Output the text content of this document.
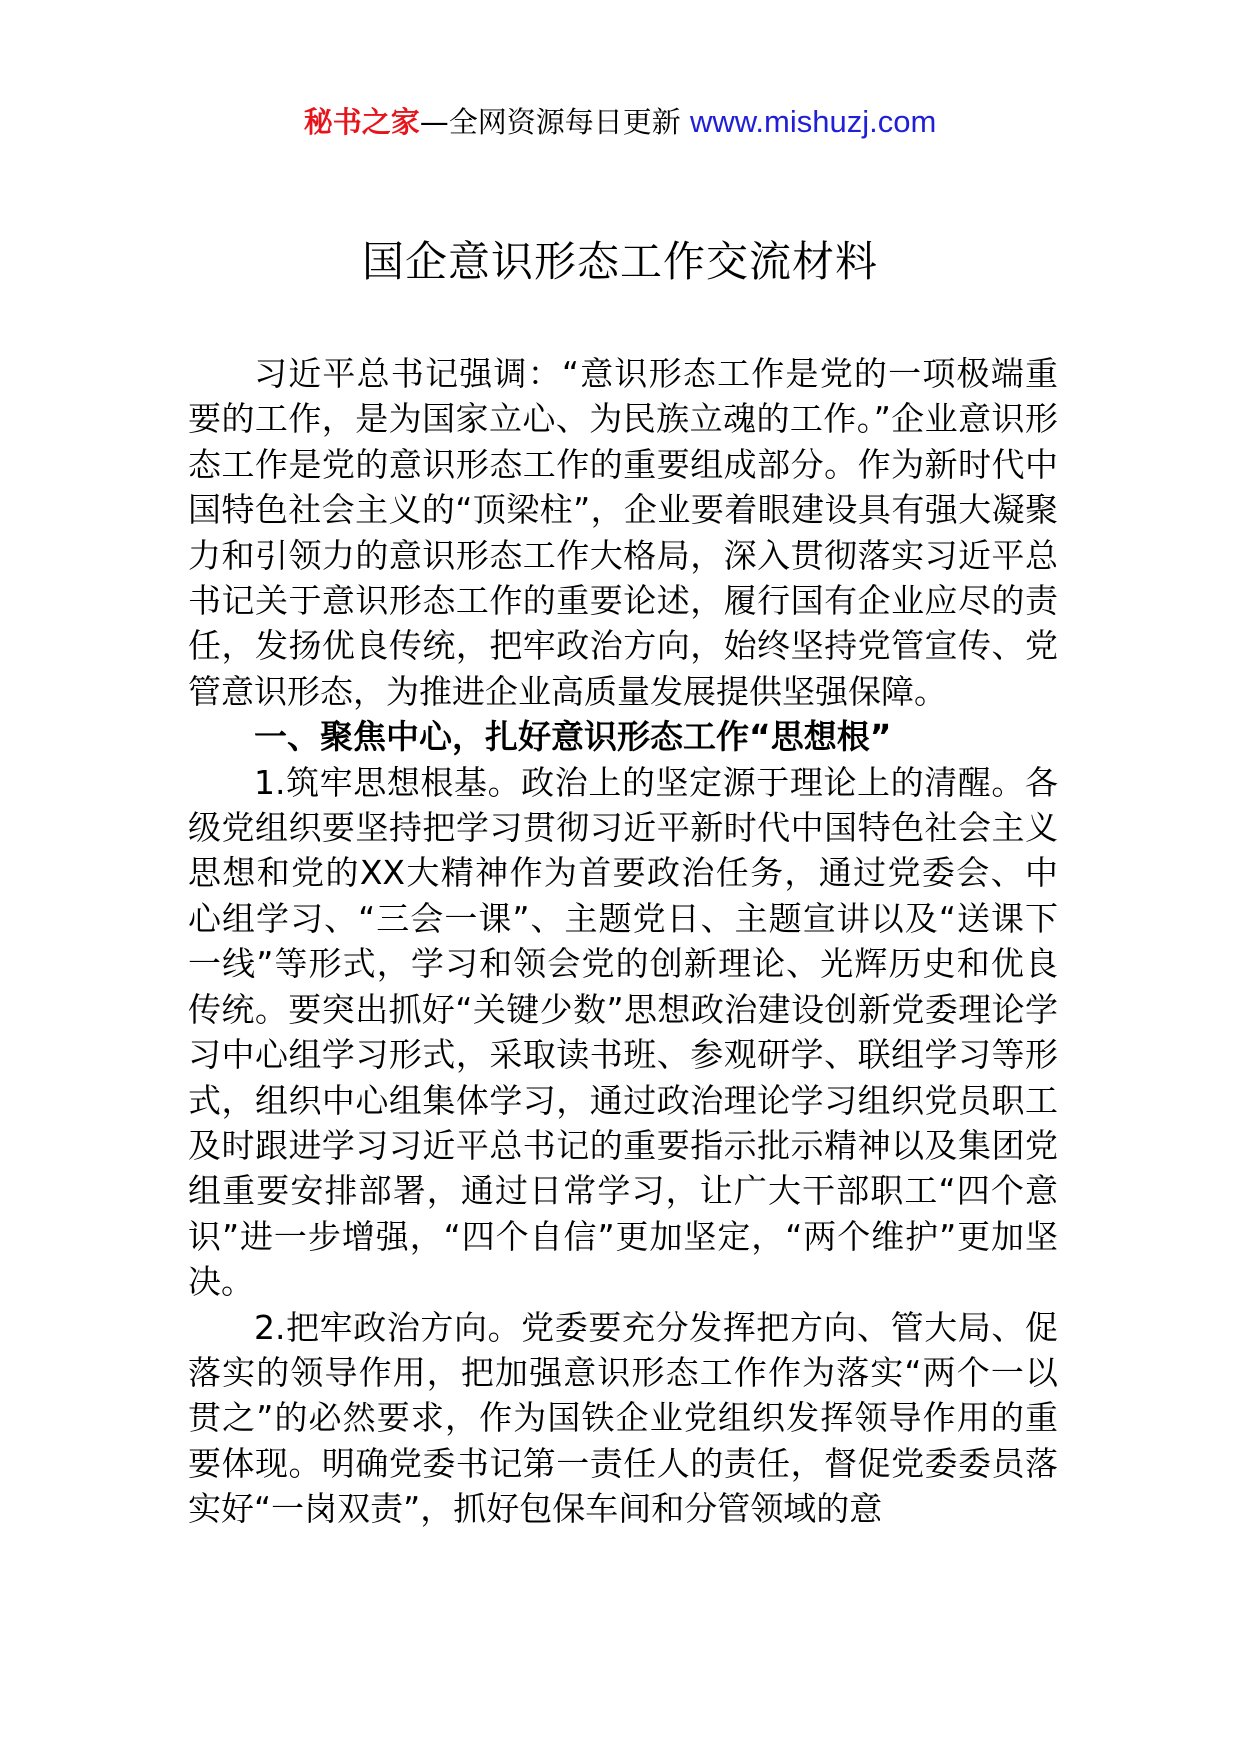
秘书之家—全网资源每日更新 www.mishuzj.com
国企意识形态工作交流材料

习近平总书记强调：“意识形态工作是党的一项极端重要的工作，是为国家立心、为民族立魂的工作。”企业意识形态工作是党的意识形态工作的重要组成部分。作为新时代中国特色社会主义的“顶梁柱”，企业要着眼建设具有强大凝聚力和引领力的意识形态工作大格局，深入贯彻落实习近平总书记关于意识形态工作的重要论述，履行国有企业应尽的责任，发扬优良传统，把牢政治方向，始终坚持党管宣传、党管意识形态，为推进企业高质量发展提供坚强保障。

一、聚焦中心，扎好意识形态工作“思想根”

1.筑牢思想根基。政治上的坚定源于理论上的清醒。各级党组织要坚持把学习贯彻习近平新时代中国特色社会主义思想和党的XX大精神作为首要政治任务，通过党委会、中心组学习、“三会一课”、主题党日、主题宣讲以及“送课下一线”等形式，学习和领会党的创新理论、光辉历史和优良传统。要突出抓好“关键少数”思想政治建设创新党委理论学习中心组学习形式，采取读书班、参观研学、联组学习等形式，组织中心组集体学习，通过政治理论学习组织党员职工及时跟进学习习近平总书记的重要指示批示精神以及集团党组重要安排部署，通过日常学习，让广大干部职工“四个意识”进一步增强，“四个自信”更加坚定，“两个维护”更加坚决。

2.把牢政治方向。党委要充分发挥把方向、管大局、促落实的领导作用，把加强意识形态工作作为落实“两个一以贯之”的必然要求，作为国铁企业党组织发挥领导作用的重要体现。明确党委书记第一责任人的责任，督促党委委员落实好“一岗双责”，抓好包保车间和分管领域的意
